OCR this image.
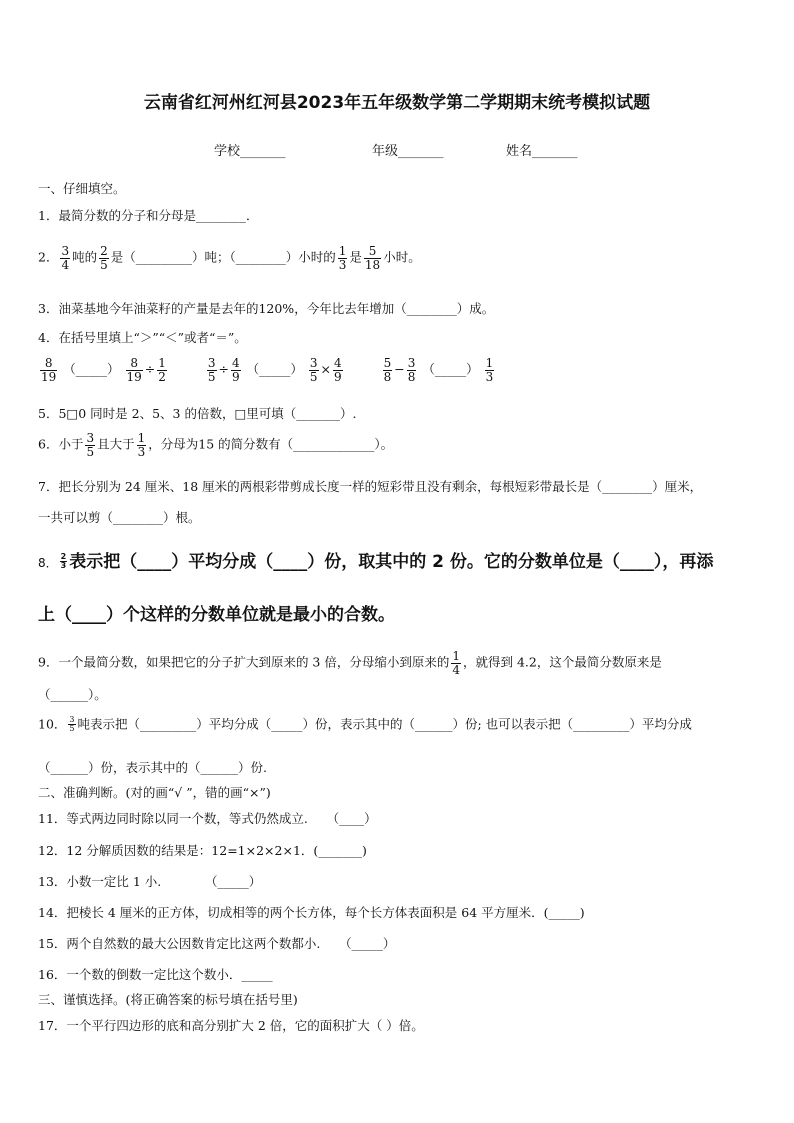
云南省红河州红河县2023年五年级数学第二学期期末统考模拟试题
学校_______	年级_______	姓名_______
一、仔细填空。
1．最简分数的分子和分母是________．
2． $\frac{3}{4}$ 吨的 $\frac{2}{5}$ 是（_________）吨；（________）小时的 $\frac{1}{3}$ 是 $\frac{5}{18}$ 小时。
3．油菜基地今年油菜籽的产量是去年的120%，今年比去年增加（________）成。
4．在括号里填上“＞”“＜”或者“＝”。
$\frac{8}{19}$ （_____） $\frac{8}{19} \div \frac{1}{2}$
	$\frac{3}{5} \div \frac{4}{9}$ （_____） $\frac{3}{5} \times \frac{4}{9}$
	$\frac{5}{8} - \frac{3}{8}$ （_____） $\frac{1}{3}$
5．5□0 同时是 2、5、3 的倍数，□里可填（_______）.
6．小于 $\frac{3}{5}$ 且大于 $\frac{1}{3}$ ，分母为15 的简分数有（_____________）。
7．把长分别为 24 厘米、18 厘米的两根彩带剪成长度一样的短彩带且没有剩余，每根短彩带最长是（________）厘米，
一共可以剪（________）根。
8． $\frac{2}{3}$ 表示把（____）平均分成（____）份，取其中的 2 份。它的分数单位是（____），再添
上（____）个这样的分数单位就是最小的合数。
9．一个最简分数，如果把它的分子扩大到原来的 3 倍，分母缩小到原来的 $\frac{1}{4}$ ，就得到 4.2，这个最简分数原来是
（______）。
10． $\frac{3}{5}$ 吨表示把（_________）平均分成（_____）份，表示其中的（______）份; 也可以表示把（_________）平均分成
（______）份，表示其中的（______）份.
二、准确判断。(对的画“√ ”，错的画“×”)
11．等式两边同时除以同一个数，等式仍然成立.　　（____）
12．12 分解质因数的结果是：12=1×2×2×1．(_______)
13．小数一定比 1 小.　　　　（_____）
14．把棱长 4 厘米的正方体，切成相等的两个长方体，每个长方体表面积是 64 平方厘米．(_____)
15．两个自然数的最大公因数肯定比这两个数都小.　　（_____）
16．一个数的倒数一定比这个数小．_____
三、谨慎选择。(将正确答案的标号填在括号里)
17．一个平行四边形的底和高分别扩大 2 倍，它的面积扩大（ ）倍。
